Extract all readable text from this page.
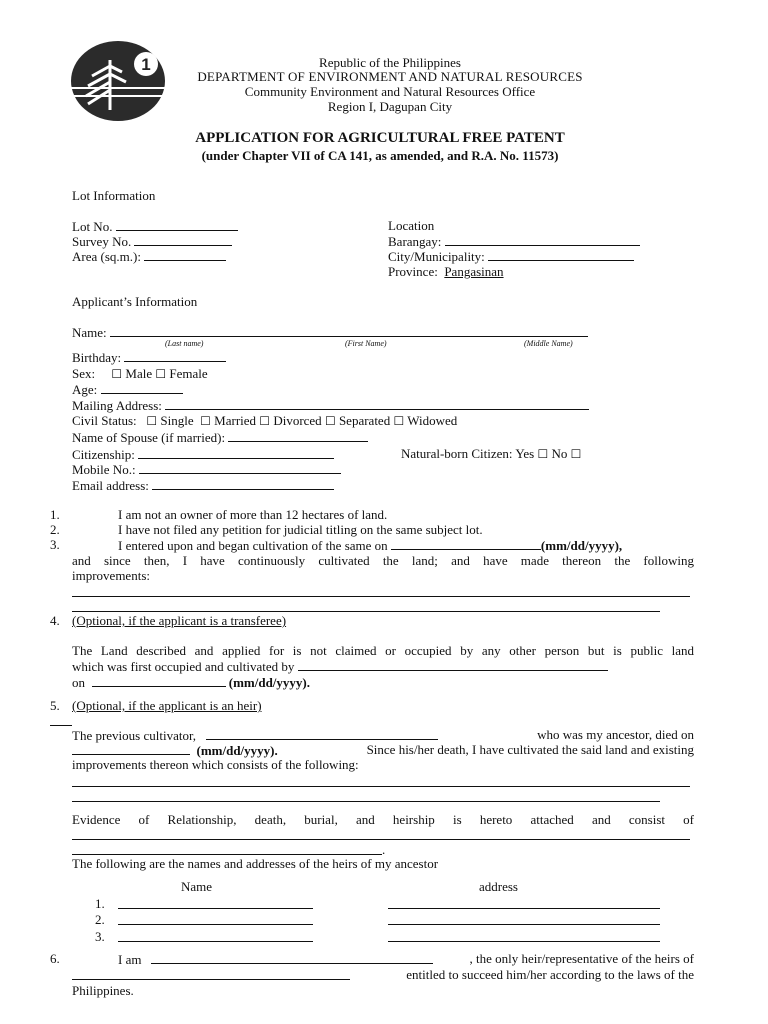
1	Republic of the Philippines
DEPARTMENT OF ENVIRONMENT AND NATURAL RESOURCES
Community Environment and Natural Resources Office
Region I, Dagupan City
APPLICATION FOR AGRICULTURAL FREE PATENT
(under Chapter VII of CA 141, as amended, and R.A. No. 11573)
Lot Information
Lot No.
Survey No.
Area (sq.m.):
Location
Barangay:
City/Municipality:
Province: Pangasinan
Applicant’s Information
Name:
(Last name)	(First Name)	(Middle Name)
Birthday:
Sex: ☐ Male ☐ Female
Age:
Mailing Address:
Civil Status: ☐ Single ☐ Married ☐ Divorced ☐ Separated ☐ Widowed
Name of Spouse (if married):
Citizenship:	Natural-born Citizen: Yes ☐ No ☐
Mobile No.:
Email address:
1.	I am not an owner of more than 12 hectares of land.
2.	I have not filed any petition for judicial titling on the same subject lot.
3.	I entered upon and began cultivation of the same on	(mm/dd/yyyy),
and since then, I have continuously cultivated the land; and have made thereon the following
improvements:
4. (Optional, if the applicant is a transferee)
The Land described and applied for is not claimed or occupied by any other person but is public land
which was first occupied and cultivated by
on	(mm/dd/yyyy).
5. (Optional, if the applicant is an heir)
The previous cultivator,	who was my ancestor, died on
(mm/dd/yyyy).	Since his/her death, I have cultivated the said land and existing
improvements thereon which consists of the following:
Evidence of Relationship, death, burial, and heirship is hereto attached and consist of
.
The following are the names and addresses of the heirs of my ancestor
Name	address
1.
2.
3.
6.	I am	, the only heir/representative of the heirs of
entitled to succeed him/her according to the laws of the
Philippines.
